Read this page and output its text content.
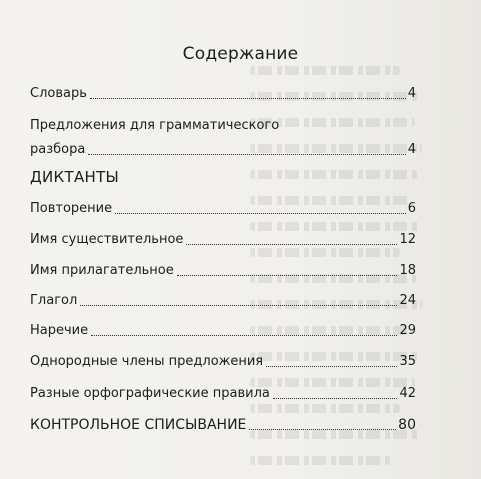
Содержание
Словарь	4
Предложения для грамматического
разбора	4
ДИКТАНТЫ
Повторение	6
Имя существительное	12
Имя прилагательное	18
Глагол	24
Наречие	29
Однородные члены предложения	35
Разные орфографические правила	42
КОНТРОЛЬНОЕ СПИСЫВАНИЕ	80
